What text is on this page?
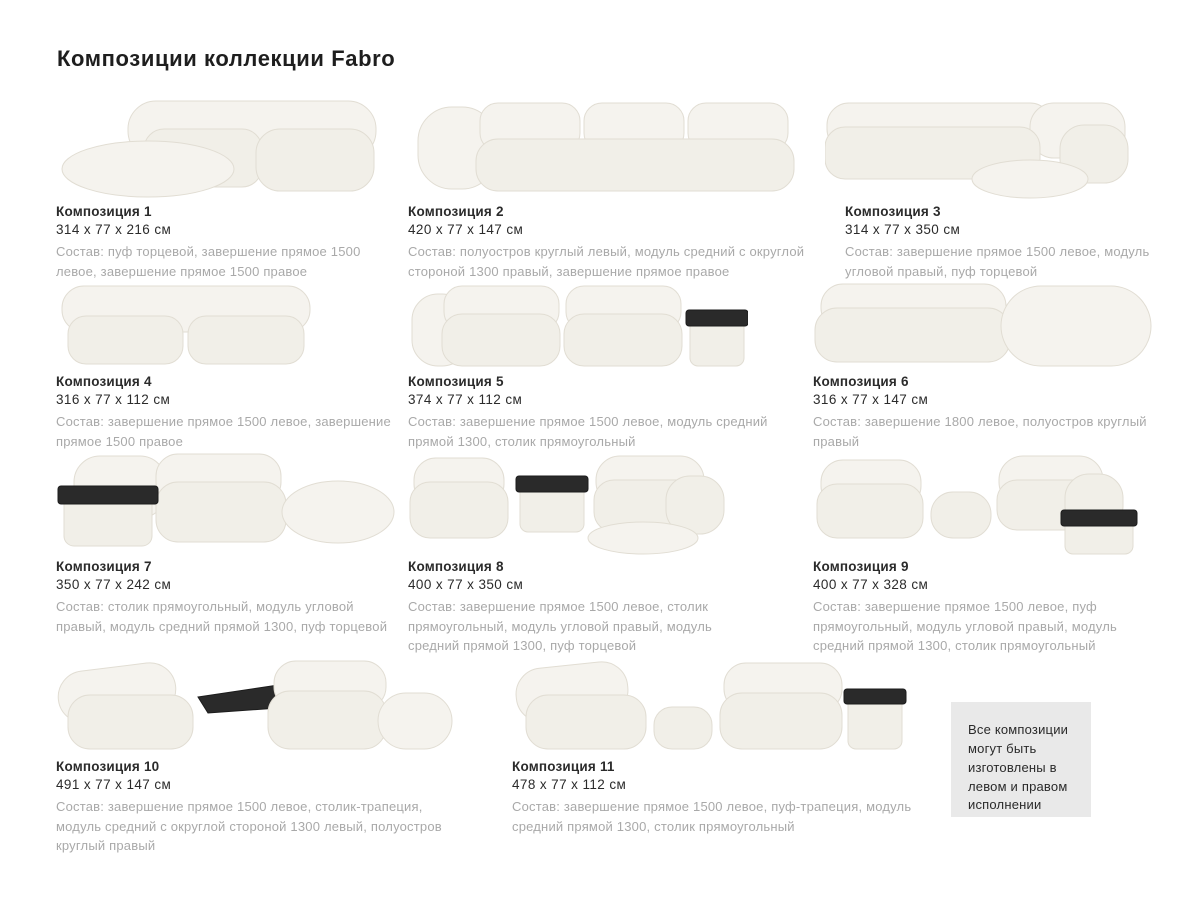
Композиции коллекции Fabro
Композиция 1
314 х 77 х 216 см
Состав: пуф торцевой, завершение прямое 1500 левое, завершение прямое 1500 правое
Композиция 2
420 х 77 х 147 см
Состав: полуостров круглый левый, модуль средний с округлой стороной 1300 правый, завершение прямое правое
Композиция 3
314 х 77 х 350 см
Состав: завершение прямое 1500 левое, модуль угловой правый, пуф торцевой
Композиция 4
316 х 77 х 112 см
Состав: завершение прямое 1500 левое, завершение прямое 1500 правое
Композиция 5
374 х 77 х 112 см
Состав: завершение прямое 1500 левое, модуль средний прямой 1300, столик прямоугольный
Композиция 6
316 х 77 х 147 см
Состав: завершение 1800 левое, полуостров круглый правый
Композиция 7
350 х 77 х 242 см
Состав: столик прямоугольный, модуль угловой правый, модуль средний прямой 1300, пуф торцевой
Композиция 8
400 х 77 х 350 см
Состав: завершение прямое 1500 левое, столик прямоугольный, модуль угловой правый, модуль средний прямой 1300, пуф торцевой
Композиция 9
400 х 77 х 328 см
Состав: завершение прямое 1500 левое, пуф прямоугольный, модуль угловой правый, модуль средний прямой 1300, столик прямоугольный
Композиция 10
491 х 77 х 147 см
Состав: завершение прямое 1500 левое, столик-трапеция, модуль средний с округлой стороной 1300 левый, полуостров круглый правый
Композиция 11
478 х 77 х 112 см
Состав: завершение прямое 1500 левое, пуф-трапеция, модуль средний прямой 1300, столик прямоугольный
Все композиции могут быть изготовлены в левом и правом исполнении
